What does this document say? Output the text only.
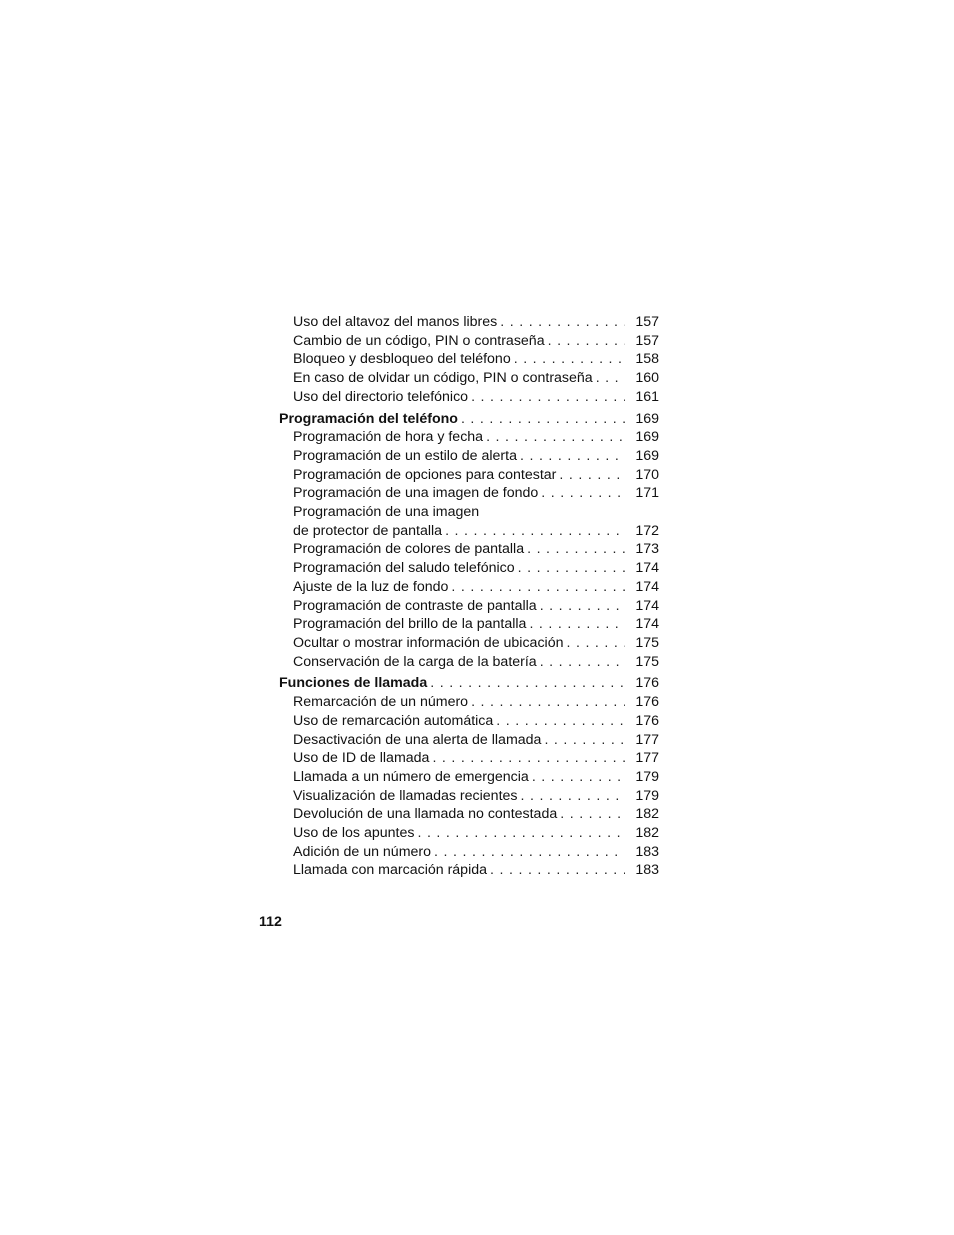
Uso del altavoz del manos libres . . .	157
Cambio de un código, PIN o contraseña . . .	157
Bloqueo y desbloqueo del teléfono . . .	158
En caso de olvidar un código, PIN o contraseña . . .	160
Uso del directorio telefónico . . .	161
Programación del teléfono . . .	169
Programación de hora y fecha . . .	169
Programación de un estilo de alerta . . .	169
Programación de opciones para contestar . . .	170
Programación de una imagen de fondo . . .	171
Programación de una imagen
de protector de pantalla . . .	172
Programación de colores de pantalla . . .	173
Programación del saludo telefónico . . .	174
Ajuste de la luz de fondo . . .	174
Programación de contraste de pantalla . . .	174
Programación del brillo de la pantalla . . .	174
Ocultar o mostrar información de ubicación . . .	175
Conservación de la carga de la batería . . .	175
Funciones de llamada . . .	176
Remarcación de un número . . .	176
Uso de remarcación automática . . .	176
Desactivación de una alerta de llamada . . .	177
Uso de ID de llamada . . .	177
Llamada a un número de emergencia . . .	179
Visualización de llamadas recientes . . .	179
Devolución de una llamada no contestada . . .	182
Uso de los apuntes . . .	182
Adición de un número . . .	183
Llamada con marcación rápida . . .	183
112
